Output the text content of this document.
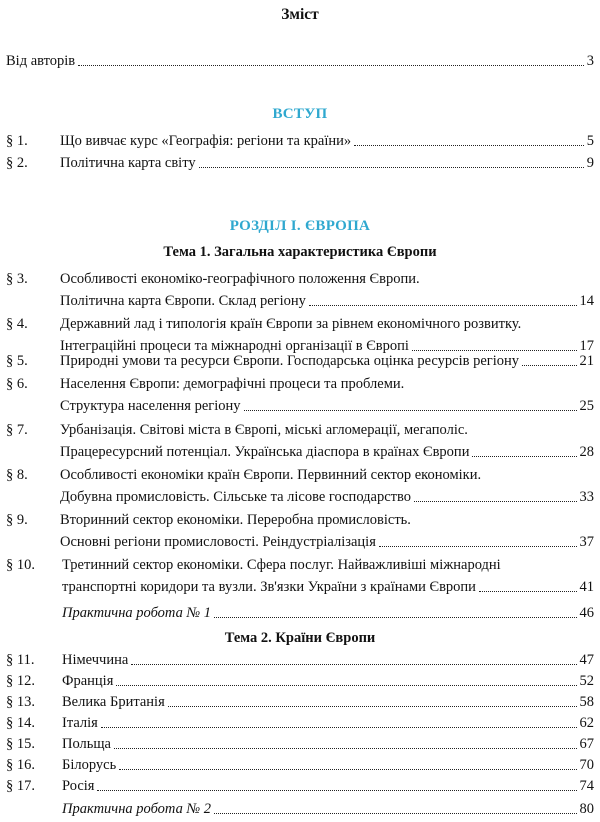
Зміст
Від авторів	3
ВСТУП
§ 1.	Що вивчає курс «Географія: регіони та країни»	5
§ 2.	Політична карта світу	9
РОЗДІЛ І. ЄВРОПА
Тема 1. Загальна характеристика Європи
§ 3.	Особливості економіко-географічного положення Європи.
Політична карта Європи. Склад регіону	14
§ 4.	Державний лад і типологія країн Європи за рівнем економічного розвитку.
Інтеграційні процеси та міжнародні організації в Європі	17
§ 5.	Природні умови та ресурси Європи. Господарська оцінка ресурсів регіону	21
§ 6.	Населення Європи: демографічні процеси та проблеми.
Структура населення регіону	25
§ 7.	Урбанізація. Світові міста в Європі, міські агломерації, мегаполіс.
Працересурсний потенціал. Українська діаспора в країнах Європи	28
§ 8.	Особливості економіки країн Європи. Первинний сектор економіки.
Добувна промисловість. Сільське та лісове господарство	33
§ 9.	Вторинний сектор економіки. Переробна промисловість.
Основні регіони промисловості. Реіндустріалізація	37
§ 10.	Третинний сектор економіки. Сфера послуг. Найважливіші міжнародні
транспортні коридори та вузли. Зв'язки України з країнами Європи	41
Практична робота № 1	46
Тема 2. Країни Європи
§ 11.	Німеччина	47
§ 12.	Франція	52
§ 13.	Велика Британія	58
§ 14.	Італія	62
§ 15.	Польща	67
§ 16.	Білорусь	70
§ 17.	Росія	74
Практична робота № 2	80
